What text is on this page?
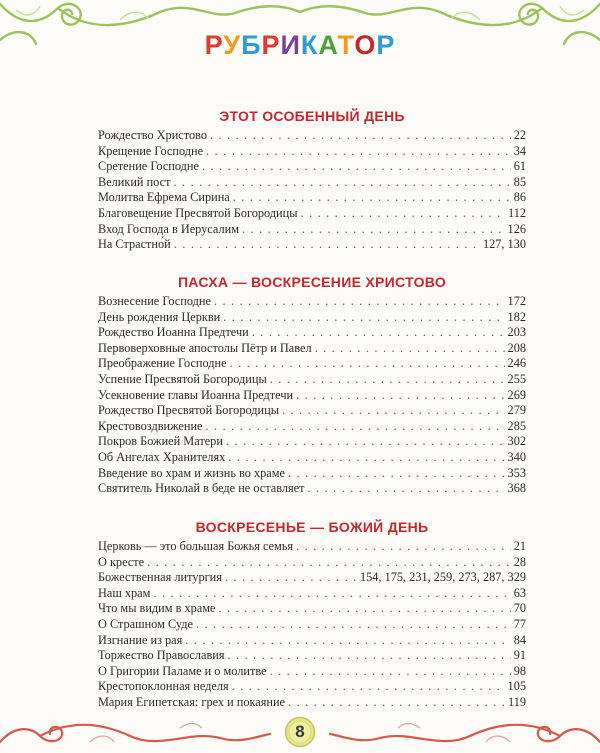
РУБРИКАТОР
ЭТОТ ОСОБЕННЫЙ ДЕНЬ
Рождество Христово . . .	22
Крещение Господне . . .	34
Сретение Господне . . .	61
Великий пост . . .	85
Молитва Ефрема Сирина . . .	86
Благовещение Пресвятой Богородицы . . .	112
Вход Господа в Иерусалим . . .	126
На Страстно́й . . .	127, 130
ПАСХА — ВОСКРЕСЕНИЕ ХРИСТОВО
Вознесение Господне . . .	172
День рождения Церкви . . .	182
Рождество Иоанна Предтечи . . .	203
Первоверховные апостолы Пётр и Павел . . .	208
Преображение Господне . . .	246
Успение Пресвятой Богородицы . . .	255
Усекновение главы Иоанна Предтечи . . .	269
Рождество Пресвятой Богородицы . . .	279
Крестовоздвижение . . .	285
Покров Божией Матери . . .	302
Об Ангелах Хранителях . . .	340
Введение во храм и жизнь во храме . . .	353
Святитель Николай в беде не оставляет . . .	368
ВОСКРЕСЕНЬЕ — БОЖИЙ ДЕНЬ
Церковь — это большая Божья семья . . .	21
О кресте . . .	28
Божественная литургия . . .	154, 175, 231, 259, 273, 287, 329
Наш храм . . .	63
Что мы видим в храме . . .	70
О Страшном Суде . . .	77
Изгнание из рая . . .	84
Торжество Православия . . .	91
О Григории Паламе и о молитве . . .	98
Крестопоклонная неделя . . .	105
Мария Египетская: грех и покаяние . . .	119
8
